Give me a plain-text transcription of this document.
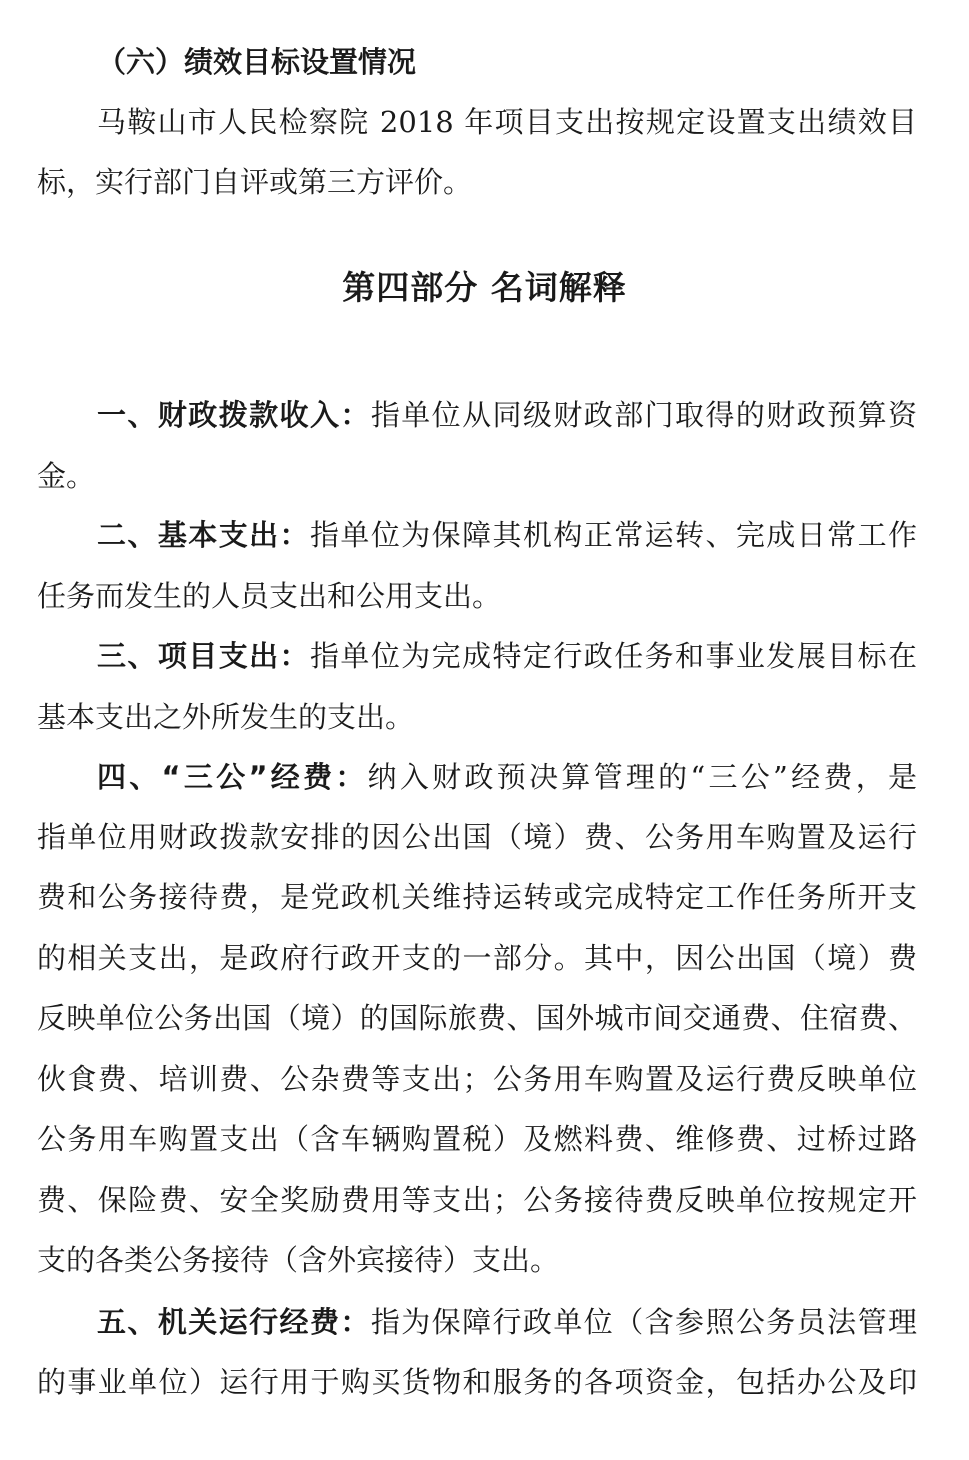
（六）绩效目标设置情况
马鞍山市人民检察院 2018 年项目支出按规定设置支出绩效目
标，实行部门自评或第三方评价。
第四部分 名词解释
一、财政拨款收入：指单位从同级财政部门取得的财政预算资
金。
二、基本支出：指单位为保障其机构正常运转、完成日常工作
任务而发生的人员支出和公用支出。
三、项目支出：指单位为完成特定行政任务和事业发展目标在
基本支出之外所发生的支出。
四、“三公”经费：纳入财政预决算管理的“三公”经费，是
指单位用财政拨款安排的因公出国（境）费、公务用车购置及运行
费和公务接待费，是党政机关维持运转或完成特定工作任务所开支
的相关支出，是政府行政开支的一部分。其中，因公出国（境）费
反映单位公务出国（境）的国际旅费、国外城市间交通费、住宿费、
伙食费、培训费、公杂费等支出；公务用车购置及运行费反映单位
公务用车购置支出（含车辆购置税）及燃料费、维修费、过桥过路
费、保险费、安全奖励费用等支出；公务接待费反映单位按规定开
支的各类公务接待（含外宾接待）支出。
五、机关运行经费：指为保障行政单位（含参照公务员法管理
的事业单位）运行用于购买货物和服务的各项资金，包括办公及印
